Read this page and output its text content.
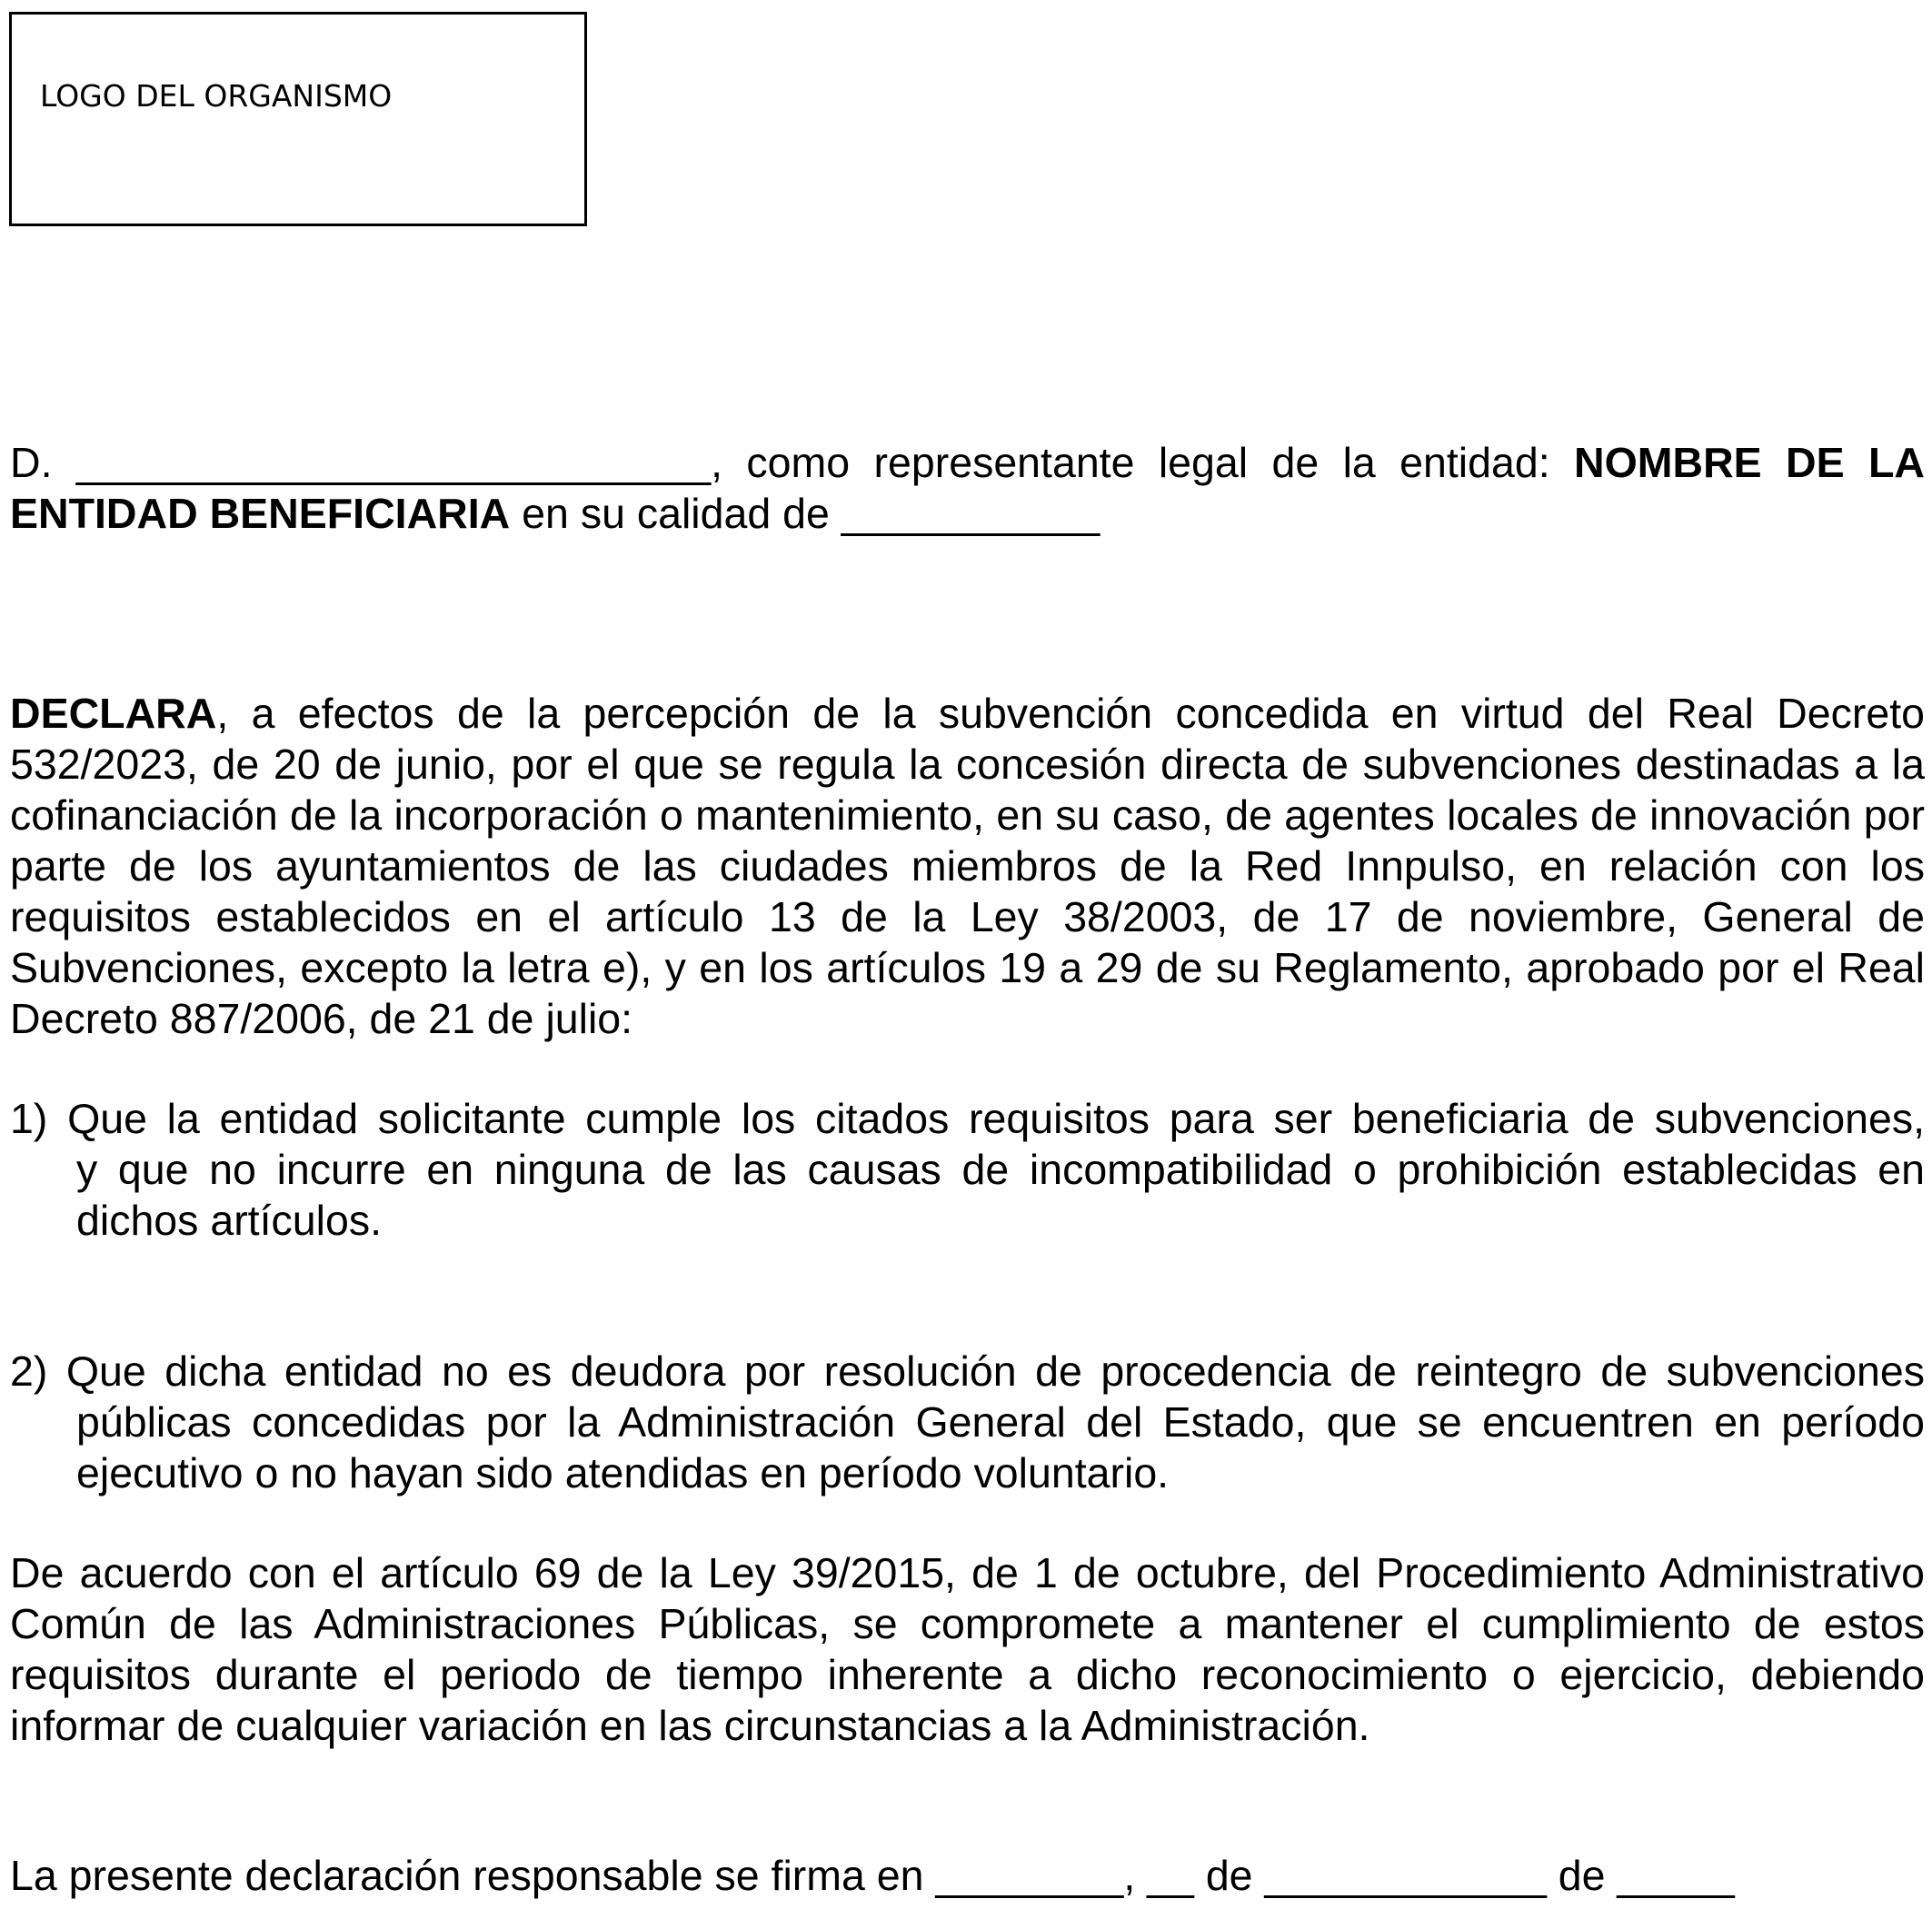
LOGO DEL ORGANISMO
D. ___________________________, como representante legal de la entidad: NOMBRE DE LA ENTIDAD BENEFICIARIA en su calidad de ___________
DECLARA, a efectos de la percepción de la subvención concedida en virtud del Real Decreto 532/2023, de 20 de junio, por el que se regula la concesión directa de subvenciones destinadas a la cofinanciación de la incorporación o mantenimiento, en su caso, de agentes locales de innovación por parte de los ayuntamientos de las ciudades miembros de la Red Innpulso, en relación con los requisitos establecidos en el artículo 13 de la Ley 38/2003, de 17 de noviembre, General de Subvenciones, excepto la letra e), y en los artículos 19 a 29 de su Reglamento, aprobado por el Real Decreto 887/2006, de 21 de julio:
1) Que la entidad solicitante cumple los citados requisitos para ser beneficiaria de subvenciones,
y que no incurre en ninguna de las causas de incompatibilidad o prohibición establecidas en dichos artículos.
2) Que dicha entidad no es deudora por resolución de procedencia de reintegro de subvenciones
públicas concedidas por la Administración General del Estado, que se encuentren en período ejecutivo o no hayan sido atendidas en período voluntario.
De acuerdo con el artículo 69 de la Ley 39/2015, de 1 de octubre, del Procedimiento Administrativo Común de las Administraciones Públicas, se compromete a mantener el cumplimiento de estos requisitos durante el periodo de tiempo inherente a dicho reconocimiento o ejercicio, debiendo informar de cualquier variación en las circunstancias a la Administración.
La presente declaración responsable se firma en ________, __ de ____________ de _____
